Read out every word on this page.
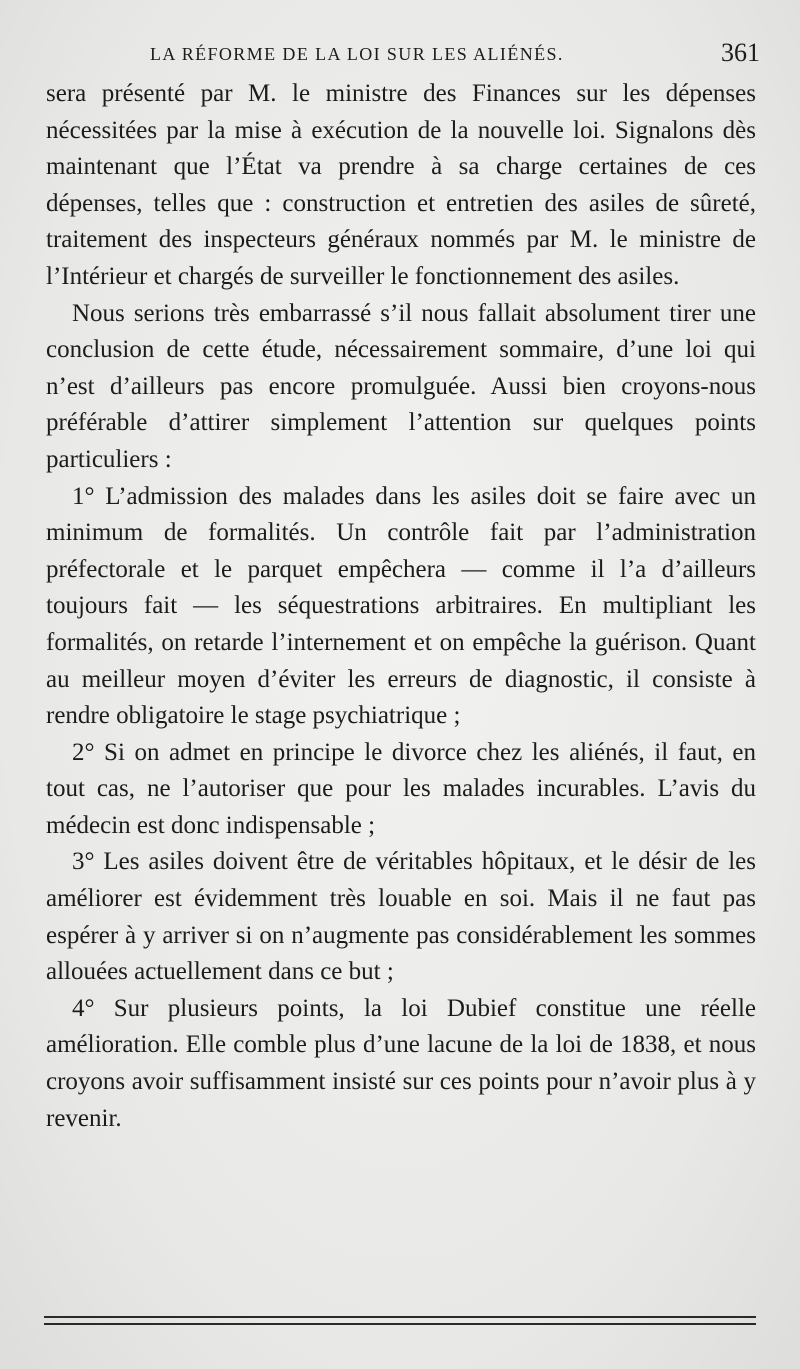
LA RÉFORME DE LA LOI SUR LES ALIÉNÉS.	361

sera présenté par M. le ministre des Finances sur les dépenses nécessitées par la mise à exécution de la nouvelle loi. Signalons dès maintenant que l’État va prendre à sa charge certaines de ces dépenses, telles que : construction et entretien des asiles de sûreté, traitement des inspecteurs généraux nommés par M. le ministre de l’Intérieur et chargés de surveiller le fonctionnement des asiles.

Nous serions très embarrassé s’il nous fallait absolument tirer une conclusion de cette étude, nécessairement sommaire, d’une loi qui n’est d’ailleurs pas encore promulguée. Aussi bien croyons-nous préférable d’attirer simplement l’attention sur quelques points particuliers :

1° L’admission des malades dans les asiles doit se faire avec un minimum de formalités. Un contrôle fait par l’administration préfectorale et le parquet empêchera — comme il l’a d’ailleurs toujours fait — les séquestrations arbitraires. En multipliant les formalités, on retarde l’internement et on empêche la guérison. Quant au meilleur moyen d’éviter les erreurs de diagnostic, il consiste à rendre obligatoire le stage psychiatrique ;

2° Si on admet en principe le divorce chez les aliénés, il faut, en tout cas, ne l’autoriser que pour les malades incurables. L’avis du médecin est donc indispensable ;

3° Les asiles doivent être de véritables hôpitaux, et le désir de les améliorer est évidemment très louable en soi. Mais il ne faut pas espérer à y arriver si on n’augmente pas considérablement les sommes allouées actuellement dans ce but ;

4° Sur plusieurs points, la loi Dubief constitue une réelle amélioration. Elle comble plus d’une lacune de la loi de 1838, et nous croyons avoir suffisamment insisté sur ces points pour n’avoir plus à y revenir.
